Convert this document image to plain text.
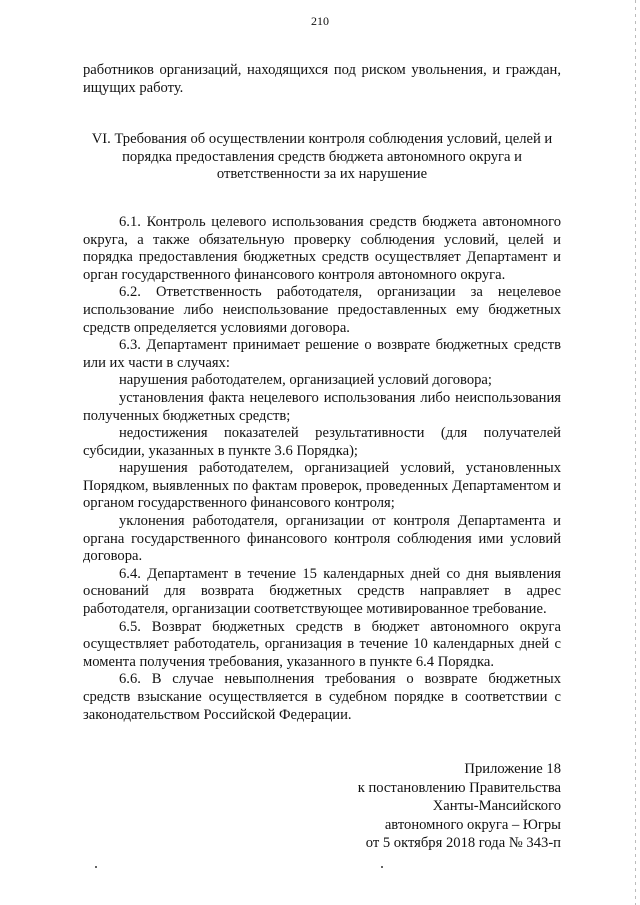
210

работников организаций, находящихся под риском увольнения, и граждан, ищущих работу.

VI. Требования об осуществлении контроля соблюдения условий, целей и порядка предоставления средств бюджета автономного округа и ответственности за их нарушение

6.1. Контроль целевого использования средств бюджета автономного округа, а также обязательную проверку соблюдения условий, целей и порядка предоставления бюджетных средств осуществляет Департамент и орган государственного финансового контроля автономного округа.

6.2. Ответственность работодателя, организации за нецелевое использование либо неиспользование предоставленных ему бюджетных средств определяется условиями договора.

6.3. Департамент принимает решение о возврате бюджетных средств или их части в случаях:

нарушения работодателем, организацией условий договора;

установления факта нецелевого использования либо неиспользования полученных бюджетных средств;

недостижения показателей результативности (для получателей субсидии, указанных в пункте 3.6 Порядка);

нарушения работодателем, организацией условий, установленных Порядком, выявленных по фактам проверок, проведенных Департаментом и органом государственного финансового контроля;

уклонения работодателя, организации от контроля Департамента и органа государственного финансового контроля соблюдения ими условий договора.

6.4. Департамент в течение 15 календарных дней со дня выявления оснований для возврата бюджетных средств направляет в адрес работодателя, организации соответствующее мотивированное требование.

6.5. Возврат бюджетных средств в бюджет автономного округа осуществляет работодатель, организация в течение 10 календарных дней с момента получения требования, указанного в пункте 6.4 Порядка.

6.6. В случае невыполнения требования о возврате бюджетных средств взыскание осуществляется в судебном порядке в соответствии с законодательством Российской Федерации.

Приложение 18
к постановлению Правительства
Ханты-Мансийского
автономного округа – Югры
от 5 октября 2018 года № 343-п
